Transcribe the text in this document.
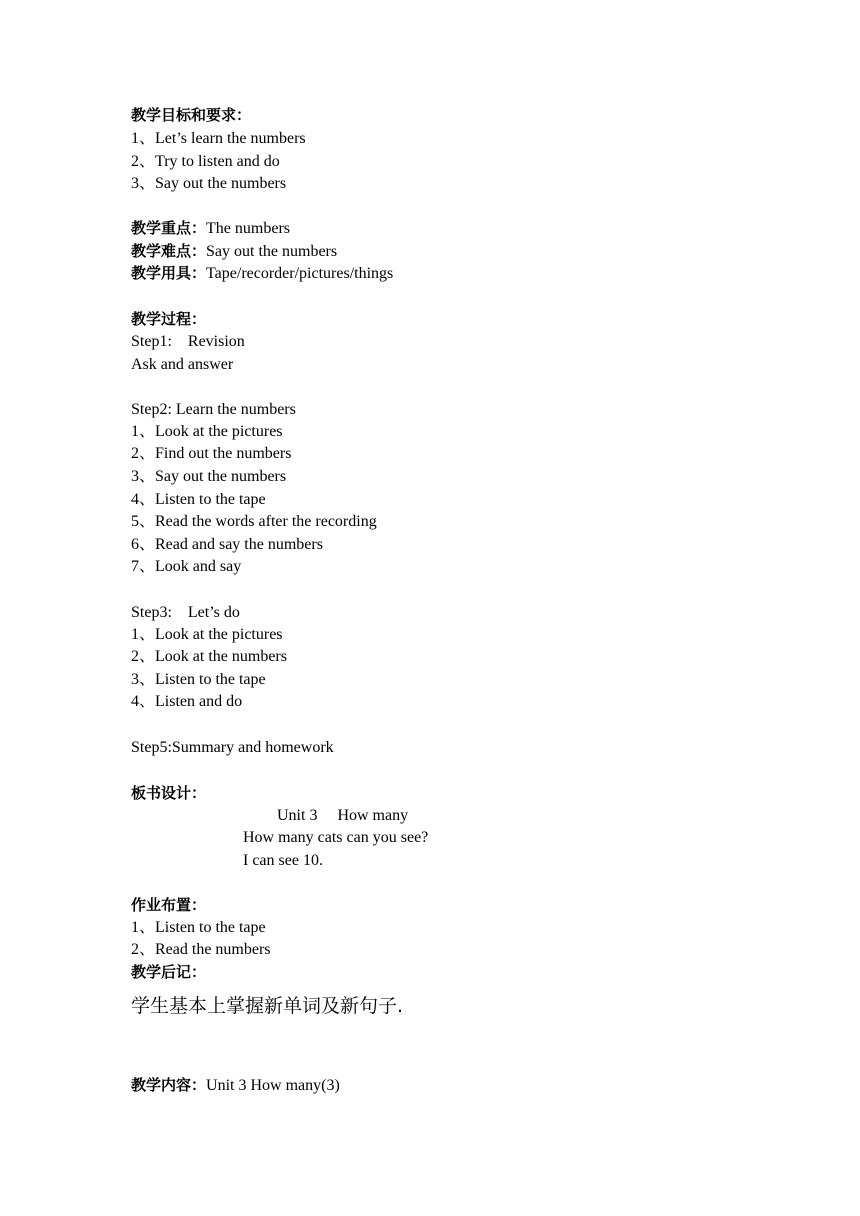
教学目标和要求：
1、Let’s learn the numbers
2、Try to listen and do
3、Say out the numbers
教学重点：The numbers
教学难点：Say out the numbers
教学用具：Tape/recorder/pictures/things
教学过程：
Step1:    Revision
Ask and answer
Step2: Learn the numbers
1、Look at the pictures
2、Find out the numbers
3、Say out the numbers
4、Listen to the tape
5、Read the words after the recording
6、Read and say the numbers
7、Look and say
Step3:    Let’s do
1、Look at the pictures
2、Look at the numbers
3、Listen to the tape
4、Listen and do
Step5:Summary and homework
板书设计：
Unit 3     How many
How many cats can you see?
I can see 10.
作业布置：
1、Listen to the tape
2、Read the numbers
教学后记：
学生基本上掌握新单词及新句子.
教学内容：Unit 3 How many(3)
